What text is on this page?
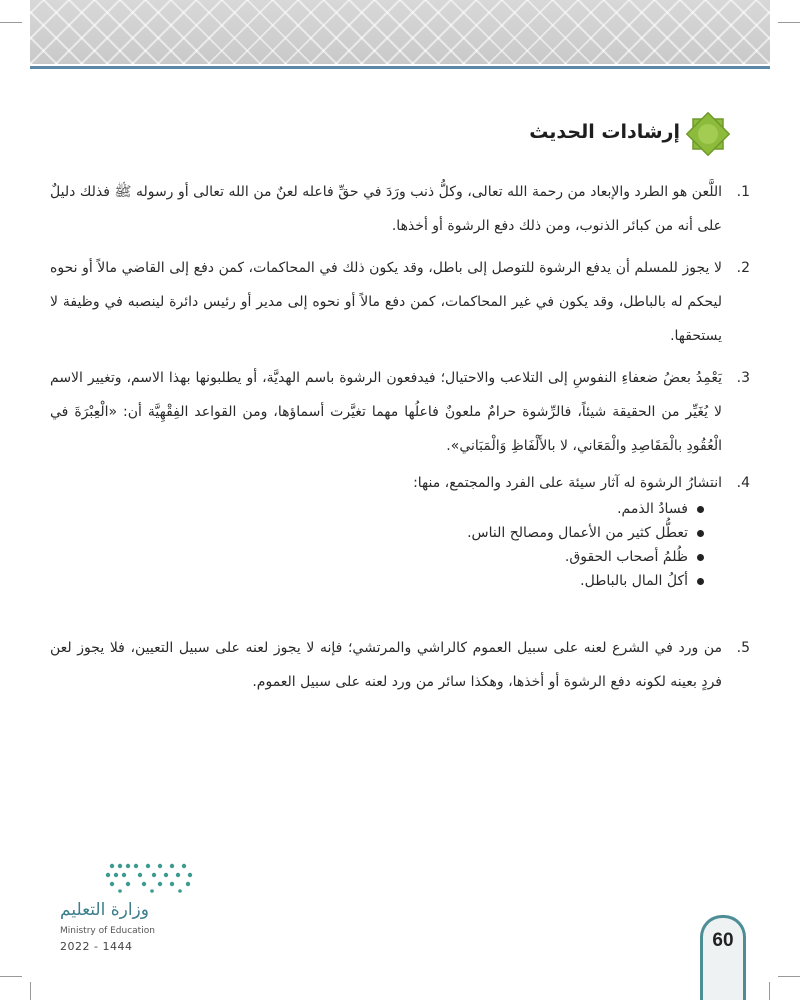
إرشادات الحديث
1.

اللَّعن هو الطرد والإبعاد من رحمة الله تعالى، وكلُّ ذنب ورَدَ في حقِّ فاعله لعنٌ من الله تعالى أو رسوله ﷺ فذلك دليلٌ على أنه من كبائر الذنوب، ومن ذلك دفع الرشوة أو أخذها.

2.

لا يجوز للمسلم أن يدفع الرشوة للتوصل إلى باطل، وقد يكون ذلك في المحاكمات، كمن دفع إلى القاضي مالاً أو نحوه ليحكم له بالباطل، وقد يكون في غير المحاكمات، كمن دفع مالاً أو نحوه إلى مدير أو رئيس دائرة لينصبه في وظيفة لا يستحقها.

3.

يَعْمِدُ بعضُ ضعفاءِ النفوسِ إلى التلاعب والاحتيال؛ فيدفعون الرشوة باسم الهديَّة، أو يطلبونها بهذا الاسم، وتغيير الاسم لا يُغَيِّر من الحقيقة شيئاً، فالرِّشوة حرامٌ ملعونٌ فاعلُها مهما تغيَّرت أسماؤها، ومن القواعد الفِقْهِيَّة أن: «الْعِبْرَةَ في الْعُقُودِ بالْمَقَاصِدِ والْمَعَاني، لا بالأَلْفَاظِ وَالْمَبَاني».

4.

انتشارُ الرشوة له آثار سيئة على الفرد والمجتمع، منها:

فسادُ الذمم.
تعطُّل كثير من الأعمال ومصالح الناس.
ظُلمُ أصحاب الحقوق.
أكلُ المال بالباطل.
5.

من ورد في الشرع لعنه على سبيل العموم كالراشي والمرتشي؛ فإنه لا يجوز لعنه على سبيل التعيين، فلا يجوز لعن فردٍ بعينه لكونه دفع الرشوة أو أخذها، وهكذا سائر من ورد لعنه على سبيل العموم.

وزارة التعليم
Ministry of Education
2022 - 1444	60
